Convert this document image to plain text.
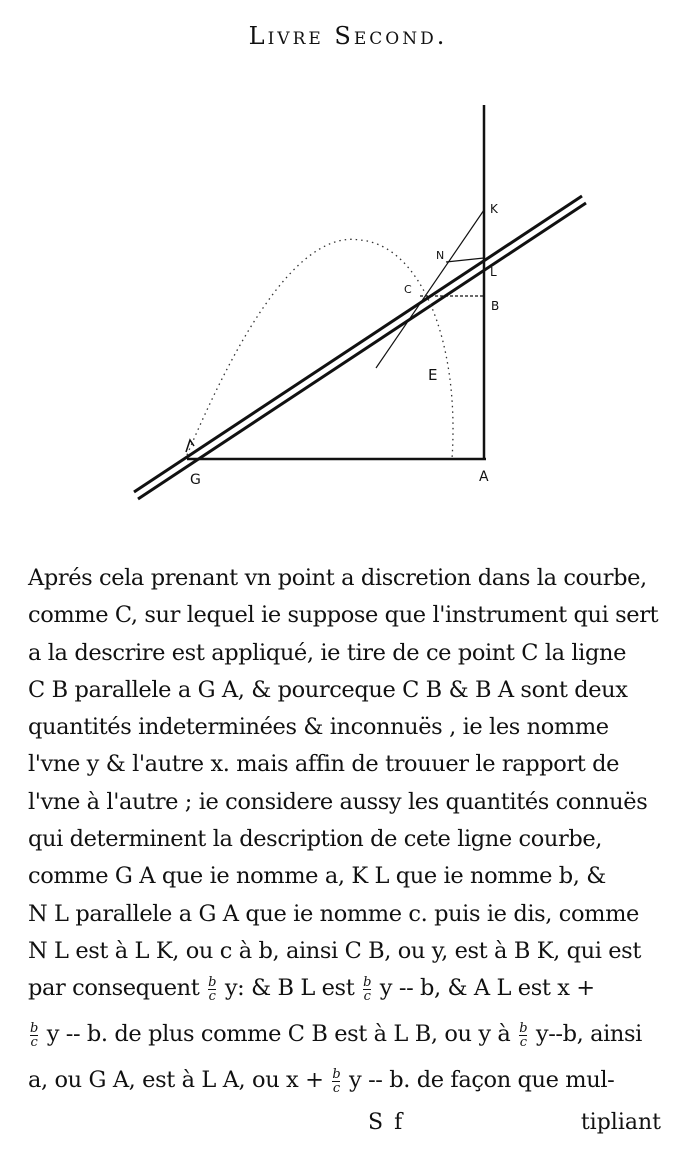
Livre Second.
K
N
L
C
B
E
G	A
Aprés cela prenant vn point a discretion dans la courbe,
comme C, sur lequel ie suppose que l'instrument qui sert
a la descrire est appliqué, ie tire de ce point C la ligne
C B parallele a G A, & pourceque C B & B A sont deux
quantités indeterminées & inconnuës , ie les nomme
l'vne y & l'autre x. mais affin de trouuer le rapport de
l'vne à l'autre ; ie considere aussy les quantités connuës
qui determinent la description de cete ligne courbe,
comme G A que ie nomme a, K L que ie nomme b, &
N L parallele a G A que ie nomme c. puis ie dis, comme
N L est à L K, ou c à b, ainsi C B, ou y, est à B K, qui est
par consequent $\frac{b}{c} y$: & B L est $\frac{b}{c}$ y -- b, & A L est x +
$\frac{b}{c}$ y -- b. de plus comme C B est à L B, ou y à $\frac{b}{c} y--b$, ainsi
a, ou G A, est à L A, ou $x + \frac{b}{c}$ y -- b. de façon que mul-
S f	tipliant
